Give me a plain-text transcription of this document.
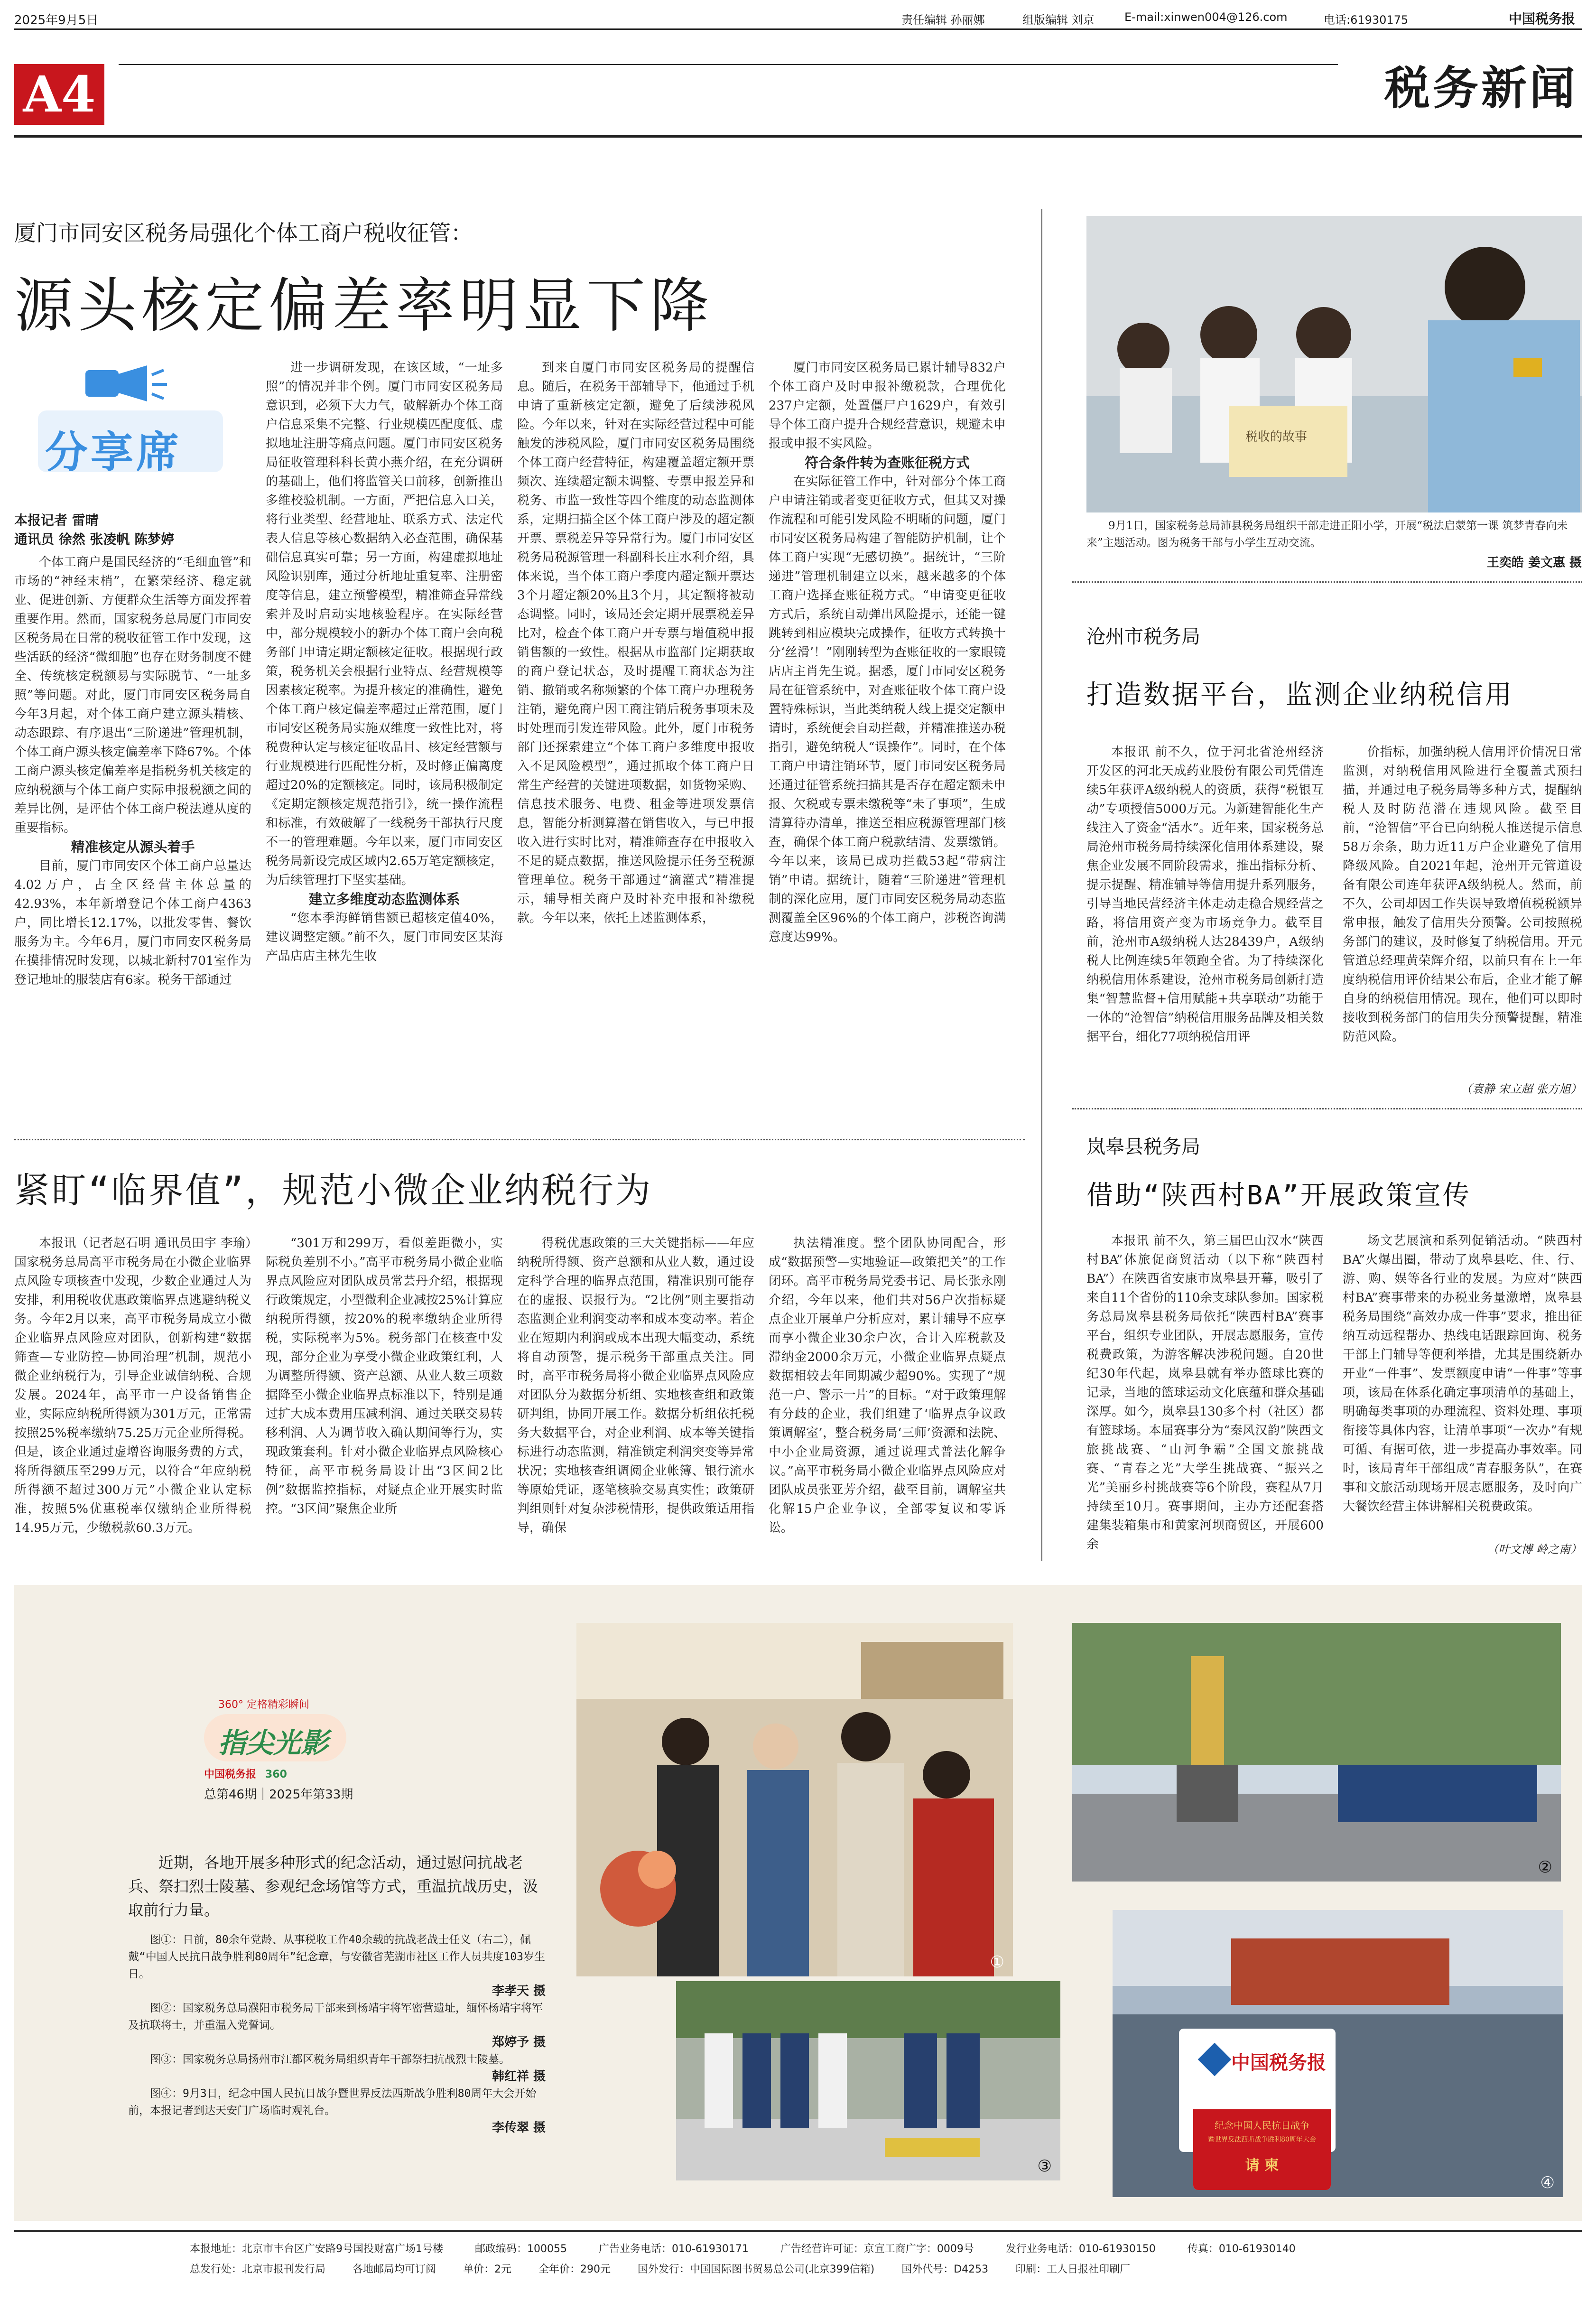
2025年9月5日	责任编辑 孙丽娜	组版编辑 刘京	E-mail:xinwen004@126.com	电话:61930175	中国税务报
A4	税务新闻
厦门市同安区税务局强化个体工商户税收征管：
源头核定偏差率明显下降
分享席
本报记者 雷晴
通讯员 徐然 张凌帆 陈梦婷

个体工商户是国民经济的“毛细血管”和市场的“神经末梢”，在繁荣经济、稳定就业、促进创新、方便群众生活等方面发挥着重要作用。然而，国家税务总局厦门市同安区税务局在日常的税收征管工作中发现，这些活跃的经济“微细胞”也存在财务制度不健全、传统核定税额易与实际脱节、“一址多照”等问题。对此，厦门市同安区税务局自今年3月起，对个体工商户建立源头精核、动态跟踪、有序退出“三阶递进”管理机制，个体工商户源头核定偏差率下降67%。个体工商户源头核定偏差率是指税务机关核定的应纳税额与个体工商户实际申报税额之间的差异比例，是评估个体工商户税法遵从度的重要指标。

精准核定从源头着手

目前，厦门市同安区个体工商户总量达4.02万户，占全区经营主体总量的42.93%，本年新增登记个体工商户4363户，同比增长12.17%，以批发零售、餐饮服务为主。今年6月，厦门市同安区税务局在摸排情况时发现，以城北新村701室作为登记地址的服装店有6家。税务干部通过

进一步调研发现，在该区域，“一址多照”的情况并非个例。厦门市同安区税务局意识到，必须下大力气，破解新办个体工商户信息采集不完整、行业规模匹配度低、虚拟地址注册等痛点问题。厦门市同安区税务局征收管理科科长黄小燕介绍，在充分调研的基础上，他们将监管关口前移，创新推出多维校验机制。一方面，严把信息入口关，将行业类型、经营地址、联系方式、法定代表人信息等核心数据纳入必查范围，确保基础信息真实可靠；另一方面，构建虚拟地址风险识别库，通过分析地址重复率、注册密度等信息，建立预警模型，精准筛查异常线索并及时启动实地核验程序。在实际经营中，部分规模较小的新办个体工商户会向税务部门申请定期定额核定征收。根据现行政策，税务机关会根据行业特点、经营规模等因素核定税率。为提升核定的准确性，避免个体工商户核定偏差率超过正常范围，厦门市同安区税务局实施双维度一致性比对，将税费种认定与核定征收品目、核定经营额与行业规模进行匹配性分析，及时修正偏离度超过20%的定额核定。同时，该局积极制定《定期定额核定规范指引》，统一操作流程和标准，有效破解了一线税务干部执行尺度不一的管理难题。今年以来，厦门市同安区税务局新设完成区域内2.65万笔定额核定，为后续管理打下坚实基础。

建立多维度动态监测体系

“您本季海鲜销售额已超核定值40%，建议调整定额。”前不久，厦门市同安区某海产品店店主林先生收

到来自厦门市同安区税务局的提醒信息。随后，在税务干部辅导下，他通过手机申请了重新核定定额，避免了后续涉税风险。今年以来，针对在实际经营过程中可能触发的涉税风险，厦门市同安区税务局围绕个体工商户经营特征，构建覆盖超定额开票频次、连续超定额未调整、专票申报差异和税务、市监一致性等四个维度的动态监测体系，定期扫描全区个体工商户涉及的超定额开票、票税差异等异常行为。厦门市同安区税务局税源管理一科副科长庄水利介绍，具体来说，当个体工商户季度内超定额开票达3个月超定额20%且3个月，其定额将被动态调整。同时，该局还会定期开展票税差异比对，检查个体工商户开专票与增值税申报销售额的一致性。根据从市监部门定期获取的商户登记状态，及时提醒工商状态为注销、撤销或名称频繁的个体工商户办理税务注销，避免商户因工商注销后税务事项未及时处理而引发连带风险。此外，厦门市税务部门还探索建立“个体工商户多维度申报收入不足风险模型”，通过抓取个体工商户日常生产经营的关键进项数据，如货物采购、信息技术服务、电费、租金等进项发票信息，智能分析测算潜在销售收入，与已申报收入进行实时比对，精准筛查存在申报收入不足的疑点数据，推送风险提示任务至税源管理单位。税务干部通过“滴灌式”精准提示，辅导相关商户及时补充申报和补缴税款。今年以来，依托上述监测体系，

厦门市同安区税务局已累计辅导832户个体工商户及时申报补缴税款，合理优化237户定额，处置僵尸户1629户，有效引导个体工商户提升合规经营意识，规避未申报或申报不实风险。

符合条件转为查账征税方式

在实际征管工作中，针对部分个体工商户申请注销或者变更征收方式，但其又对操作流程和可能引发风险不明晰的问题，厦门市同安区税务局构建了智能防护机制，让个体工商户实现“无感切换”。据统计，“三阶递进”管理机制建立以来，越来越多的个体工商户选择查账征税方式。“申请变更征收方式后，系统自动弹出风险提示，还能一键跳转到相应模块完成操作，征收方式转换十分‘丝滑’！”刚刚转型为查账征收的一家眼镜店店主肖先生说。据悉，厦门市同安区税务局在征管系统中，对查账征收个体工商户设置特殊标识，当此类纳税人线上提交定额申请时，系统便会自动拦截，并精准推送办税指引，避免纳税人“误操作”。同时，在个体工商户申请注销环节，厦门市同安区税务局还通过征管系统扫描其是否存在超定额未申报、欠税或专票未缴税等“未了事项”，生成清算待办清单，推送至相应税源管理部门核查，确保个体工商户税款结清、发票缴销。今年以来，该局已成功拦截53起“带病注销”申请。据统计，随着“三阶递进”管理机制的深化应用，厦门市同安区税务局动态监测覆盖全区96%的个体工商户，涉税咨询满意度达99%。

税收的故事
9月1日，国家税务总局沛县税务局组织干部走进正阳小学，开展“税法启蒙第一课 筑梦青春向未来”主题活动。图为税务干部与小学生互动交流。
王奕皓 姜文惠 摄
沧州市税务局
打造数据平台，监测企业纳税信用

本报讯 前不久，位于河北省沧州经济开发区的河北天成药业股份有限公司凭借连续5年获评A级纳税人的资质，获得“税银互动”专项授信5000万元。为新建智能化生产线注入了资金“活水”。近年来，国家税务总局沧州市税务局持续深化信用体系建设，聚焦企业发展不同阶段需求，推出指标分析、提示提醒、精准辅导等信用提升系列服务，引导当地民营经济主体走动走稳合规经营之路，将信用资产变为市场竞争力。截至目前，沧州市A级纳税人达28439户，A级纳税人比例连续5年领跑全省。为了持续深化纳税信用体系建设，沧州市税务局创新打造集“智慧监督+信用赋能+共享联动”功能于一体的“沧智信”纳税信用服务品牌及相关数据平台，细化77项纳税信用评

价指标，加强纳税人信用评价情况日常监测，对纳税信用风险进行全覆盖式预扫描，并通过电子税务局等多种方式，提醒纳税人及时防范潜在违规风险。截至目前，“沧智信”平台已向纳税人推送提示信息58万余条，助力近11万户企业避免了信用降级风险。自2021年起，沧州开元管道设备有限公司连年获评A级纳税人。然而，前不久，公司却因工作失误导致增值税税额异常申报，触发了信用失分预警。公司按照税务部门的建议，及时修复了纳税信用。开元管道总经理黄荣辉介绍，以前只有在上一年度纳税信用评价结果公布后，企业才能了解自身的纳税信用情况。现在，他们可以即时接收到税务部门的信用失分预警提醒，精准防范风险。

（袁静 宋立超 张方旭）
岚皋县税务局
借助“陕西村BA”开展政策宣传

本报讯 前不久，第三届巴山汉水“陕西村BA”体旅促商贸活动（以下称“陕西村BA”）在陕西省安康市岚皋县开幕，吸引了来自11个省份的110余支球队参加。国家税务总局岚皋县税务局依托“陕西村BA”赛事平台，组织专业团队，开展志愿服务，宣传税费政策，为游客解决涉税问题。自20世纪30年代起，岚皋县就有举办篮球比赛的记录，当地的篮球运动文化底蕴和群众基础深厚。如今，岚皋县130多个村（社区）都有篮球场。本届赛事分为“秦风汉韵”陕西文旅挑战赛、“山河争霸”全国文旅挑战赛、“青春之光”大学生挑战赛、“振兴之光”美丽乡村挑战赛等6个阶段，赛程从7月持续至10月。赛事期间，主办方还配套搭建集装箱集市和黄家河坝商贸区，开展600余

场文艺展演和系列促销活动。“陕西村BA”火爆出圈，带动了岚皋县吃、住、行、游、购、娱等各行业的发展。为应对“陕西村BA”赛事带来的办税业务量激增，岚皋县税务局围绕“高效办成一件事”要求，推出征纳互动远程帮办、热线电话跟踪回询、税务干部上门辅导等便利举措，尤其是围绕新办开业“一件事”、发票额度申请“一件事”等事项，该局在体系化确定事项清单的基础上，明确每类事项的办理流程、资料处理、事项衔接等具体内容，让清单事项“一次办”有规可循、有据可依，进一步提高办事效率。同时，该局青年干部组成“青春服务队”，在赛事和文旅活动现场开展志愿服务，及时向广大餐饮经营主体讲解相关税费政策。

（叶文博 岭之南）
紧盯“临界值”，规范小微企业纳税行为

本报讯（记者赵石明 通讯员田宇 李瑜）国家税务总局高平市税务局在小微企业临界点风险专项核查中发现，少数企业通过人为安排，利用税收优惠政策临界点逃避纳税义务。今年2月以来，高平市税务局成立小微企业临界点风险应对团队，创新构建“数据筛查—专业防控—协同治理”机制，规范小微企业纳税行为，引导企业诚信纳税、合规发展。2024年，高平市一户设备销售企业，实际应纳税所得额为301万元，正常需按照25%税率缴纳75.25万元企业所得税。但是，该企业通过虚增咨询服务费的方式，将所得额压至299万元，以符合“年应纳税所得额不超过300万元”小微企业认定标准，按照5%优惠税率仅缴纳企业所得税14.95万元，少缴税款60.3万元。

“301万和299万，看似差距微小，实际税负差别不小。”高平市税务局小微企业临界点风险应对团队成员常芸丹介绍，根据现行政策规定，小型微利企业减按25%计算应纳税所得额，按20%的税率缴纳企业所得税，实际税率为5%。税务部门在核查中发现，部分企业为享受小微企业政策红利，人为调整所得额、资产总额、从业人数三项数据降至小微企业临界点标准以下，特别是通过扩大成本费用压减利润、通过关联交易转移利润、人为调节收入确认期间等行为，实现政策套利。针对小微企业临界点风险核心特征，高平市税务局设计出“3区间2比例”数据监控指标，对疑点企业开展实时监控。“3区间”聚焦企业所

得税优惠政策的三大关键指标——年应纳税所得额、资产总额和从业人数，通过设定科学合理的临界点范围，精准识别可能存在的虚报、误报行为。“2比例”则主要指动态监测企业利润变动率和成本变动率。若企业在短期内利润或成本出现大幅变动，系统将自动预警，提示税务干部重点关注。同时，高平市税务局将小微企业临界点风险应对团队分为数据分析组、实地核查组和政策研判组，协同开展工作。数据分析组依托税务大数据平台，对企业利润、成本等关键指标进行动态监测，精准锁定利润突变等异常状况；实地核查组调阅企业帐簿、银行流水等原始凭证，逐笔核验交易真实性；政策研判组则针对复杂涉税情形，提供政策适用指导，确保

执法精准度。整个团队协同配合，形成“数据预警—实地验证—政策把关”的工作闭环。高平市税务局党委书记、局长张永刚介绍，今年以来，他们共对56户次指标疑点企业开展单户分析应对，累计辅导不应享而享小微企业30余户次，合计入库税款及滞纳金2000余万元，小微企业临界点疑点数据相较去年同期减少超90%。实现了“规范一户、警示一片”的目标。“对于政策理解有分歧的企业，我们组建了‘临界点争议政策调解室’，整合税务局‘三师’资源和法院、中小企业局资源，通过说理式普法化解争议。”高平市税务局小微企业临界点风险应对团队成员张亚芳介绍，截至目前，调解室共化解15户企业争议，全部零复议和零诉讼。

360° 定格精彩瞬间
指尖光影
中国税务报 360
总第46期｜2025年第33期
近期，各地开展多种形式的纪念活动，通过慰问抗战老兵、祭扫烈士陵墓、参观纪念场馆等方式，重温抗战历史，汲取前行力量。
图①：日前，80余年党龄、从事税收工作40余载的抗战老战士任义（右二），佩戴“中国人民抗日战争胜利80周年”纪念章，与安徽省芜湖市社区工作人员共度103岁生日。
李孝天 摄
图②：国家税务总局濮阳市税务局干部来到杨靖宇将军密营遗址，缅怀杨靖宇将军及抗联将士，并重温入党誓词。
郑婷予 摄
图③：国家税务总局扬州市江都区税务局组织青年干部祭扫抗战烈士陵墓。
韩红祥 摄
图④：9月3日，纪念中国人民抗日战争暨世界反法西斯战争胜利80周年大会开始前，本报记者到达天安门广场临时观礼台。
李传翠 摄
①
②
③
中国税务报
纪念中国人民抗日战争
暨世界反法西斯战争胜利80周年大会
请 柬
④
本报地址：北京市丰台区广安路9号国投财富广场1号楼	邮政编码：100055	广告业务电话：010-61930171	广告经营许可证：京宣工商广字：0009号	发行业务电话：010-61930150	传真：010-61930140
总发行处：北京市报刊发行局	各地邮局均可订阅	单价：2元	全年价：290元	国外发行：中国国际图书贸易总公司(北京399信箱)	国外代号：D4253	印刷：工人日报社印刷厂
